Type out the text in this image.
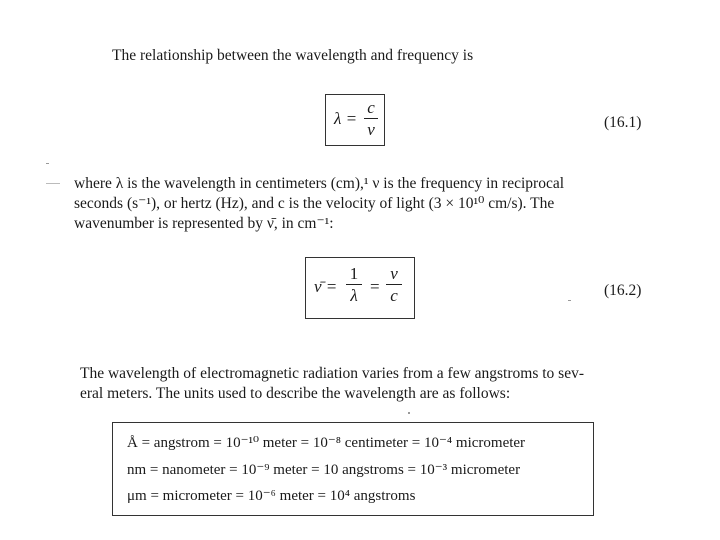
The relationship between the wavelength and frequency is

λ =
c
ν	(16.1)
where λ is the wavelength in centimeters (cm),¹ ν is the frequency in reciprocal
seconds (s⁻¹), or hertz (Hz), and c is the velocity of light (3 × 10¹⁰ cm/s). The
wavenumber is represented by ν̄, in cm⁻¹:
ν̄ =
1
λ =
ν
c	(16.2)
The wavelength of electromagnetic radiation varies from a few angstroms to sev-
eral meters. The units used to describe the wavelength are as follows:
Å = angstrom = 10⁻¹⁰ meter = 10⁻⁸ centimeter = 10⁻⁴ micrometer
nm = nanometer = 10⁻⁹ meter = 10 angstroms = 10⁻³ micrometer
μm = micrometer = 10⁻⁶ meter = 10⁴ angstroms
